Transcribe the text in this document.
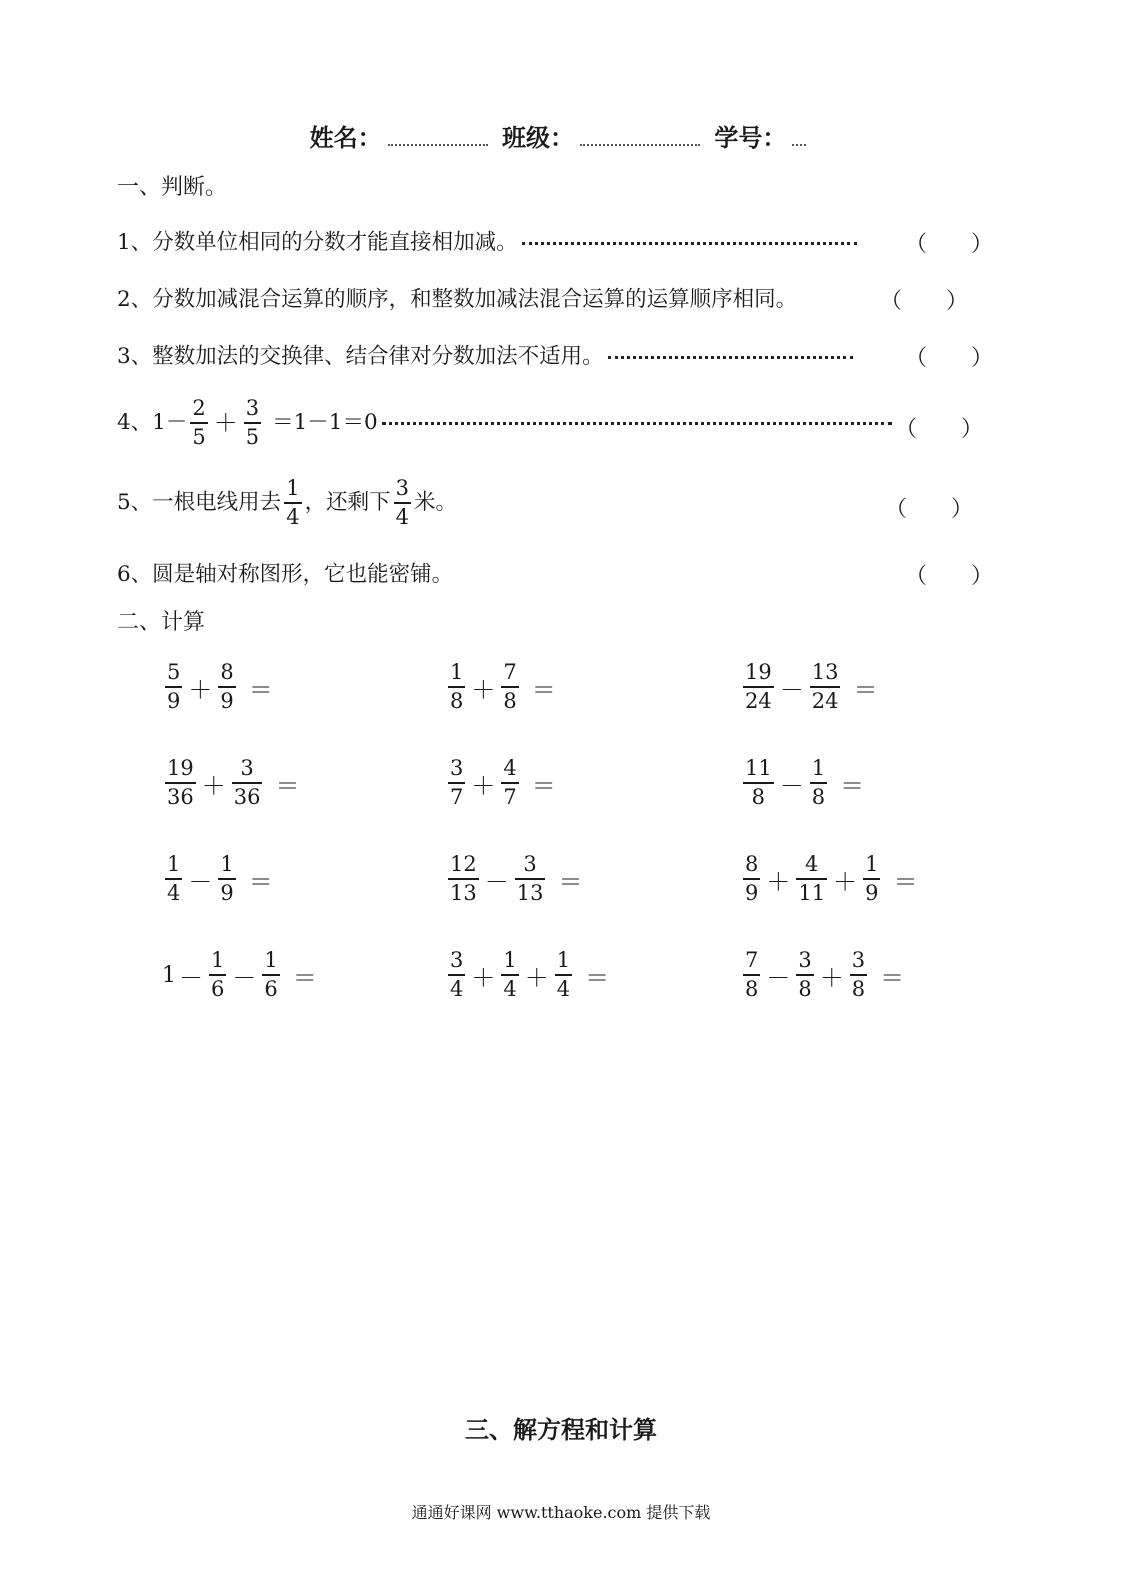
姓名：	班级：	学号：
一、判断。
1、分数单位相同的分数才能直接相加减。	（　　）
2、分数加减混合运算的顺序，和整数加减法混合运算的运算顺序相同。	（　　）
3、整数加法的交换律、结合律对分数加法不适用。	（　　）
4、$1- \frac{2}{5} + \frac{3}{5} =1-1=0$	（　　）
5、一根电线用去 $\frac{1}{4}$ ，还剩下 $\frac{3}{4}$ 米。	（　　）
6、圆是轴对称图形，它也能密铺。	（　　）
二、计算
$\frac{5}{9} + \frac{8}{9}$ ＝	$\frac{1}{8} + \frac{7}{8}$ ＝	$\frac{19}{24} - \frac{13}{24}$ ＝
$\frac{19}{36} + \frac{3}{36}$ ＝	$\frac{3}{7} + \frac{4}{7}$ ＝	$\frac{11}{8} - \frac{1}{8}$ ＝
$\frac{1}{4} - \frac{1}{9}$ ＝	$\frac{12}{13} - \frac{3}{13}$ ＝	$\frac{8}{9} + \frac{4}{11} + \frac{1}{9}$ ＝
$1 - \frac{1}{6} - \frac{1}{6}$ ＝	$\frac{3}{4} + \frac{1}{4} + \frac{1}{4}$ ＝	$\frac{7}{8} - \frac{3}{8} + \frac{3}{8}$ ＝
三、解方程和计算
通通好课网 www.tthaoke.com 提供下载
